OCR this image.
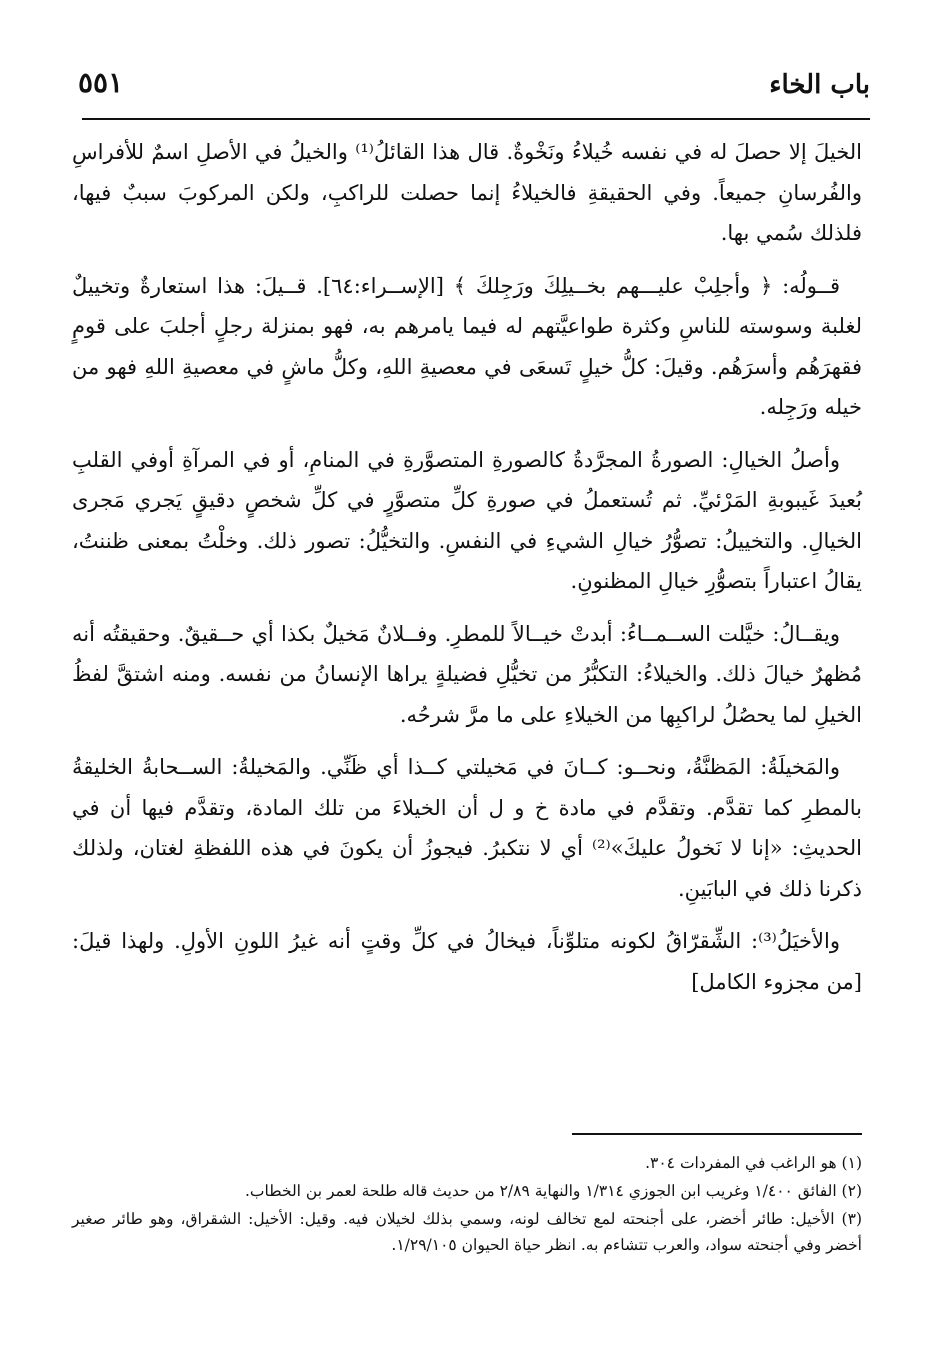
باب الخاء
٥٥١

الخيلَ إلا حصلَ له في نفسه خُيلاءُ ونَخْوةٌ. قال هذا القائلُ⁽¹⁾ والخيلُ في الأصلِ اسمٌ للأفراسِ والفُرسانِ جميعاً. وفي الحقيقةِ فالخيلاءُ إنما حصلت للراكبِ، ولكن المركوبَ سببٌ فيها، فلذلك سُمي بها.

قــولُه: ﴿ وأجلِبْ عليـــهم بخــيلِكَ ورَجِلكَ ﴾ [الإســراء:٦٤]. قــيلَ: هذا استعارةٌ وتخييلٌ لغلبة وسوسته للناسِ وكثرة طواعيَّتهم له فيما يامرهم به، فهو بمنزلة رجلٍ أجلبَ على قومٍ فقهرَهُم وأسرَهُم. وقيلَ: كلُّ خيلٍ تَسعَى في معصيةِ اللهِ، وكلُّ ماشٍ في معصيةِ اللهِ فهو من خيله ورَجِله.

وأصلُ الخيالِ: الصورةُ المجرَّدةُ كالصورةِ المتصوَّرةِ في المنامِ، أو في المرآةِ أوفي القلبِ بُعيدَ غَيبوبةِ المَرْئيِّ. ثم تُستعملُ في صورةِ كلِّ متصوَّرٍ في كلِّ شخصٍ دقيقٍ يَجري مَجرى الخيالِ. والتخييلُ: تصوُّرُ خيالِ الشيءِ في النفسِ. والتخيُّلُ: تصور ذلك. وخلْتُ بمعنى ظننتُ، يقالُ اعتباراً بتصوُّرِ خيالِ المظنونِ.

ويقــالُ: خيَّلت الســمــاءُ: أبدتْ خيــالاً للمطرِ. وفــلانٌ مَخيلٌ بكذا أي حــقيقٌ. وحقيقتُه أنه مُظهرٌ خيالَ ذلك. والخيلاءُ: التكبُّرُ من تخيُّلِ فضيلةٍ يراها الإنسانُ من نفسه. ومنه اشتقَّ لفظُ الخيلِ لما يحصُلُ لراكبِها من الخيلاءِ على ما مرَّ شرحُه.

والمَخيلَةُ: المَظنَّةُ، ونحــو: كــانَ في مَخيلتي كــذا أي ظَنِّي. والمَخيلةُ: الســحابةُ الخليقةُ بالمطرِ كما تقدَّم. وتقدَّم في مادة خ و ل أن الخيلاءَ من تلك المادة، وتقدَّم فيها أن في الحديثِ: «إنا لا نَخولُ عليكَ»⁽²⁾ أي لا نتكبرُ. فيجوزُ أن يكونَ في هذه اللفظةِ لغتان، ولذلك ذكرنا ذلك في البابَينِ.

والأخيَلُ⁽³⁾: الشِّقرّاقُ لكونه متلوِّناً، فيخالُ في كلِّ وقتٍ أنه غيرُ اللونِ الأولِ. ولهذا قيلَ: [من مجزوء الكامل]

(١) هو الراغب في المفردات ٣٠٤.

(٢) الفائق ١/٤٠٠ وغريب ابن الجوزي ١/٣١٤ والنهاية ٢/٨٩ من حديث قاله طلحة لعمر بن الخطاب.

(٣) الأخيل: طائر أخضر، على أجنحته لمع تخالف لونه، وسمي بذلك لخيلان فيه. وقيل: الأخيل: الشقراق، وهو طائر صغير أخضر وفي أجنحته سواد، والعرب تتشاءم به. انظر حياة الحيوان ١/٢٩/١٠٥.
